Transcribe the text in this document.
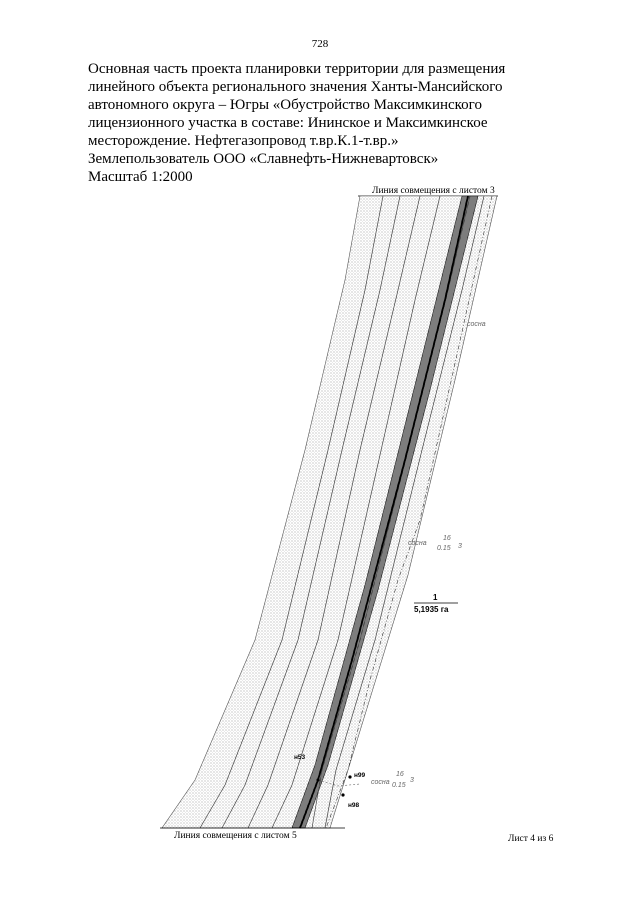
728
Основная часть проекта планировки территории для размещения линейного объекта регионального значения Ханты-Мансийского автономного округа – Югры «Обустройство Максимкинского лицензионного участка в составе: Ининское и Максимкинское месторождение. Нефтегазопровод т.вр.К.1-т.вр.»
Землепользователь ООО «Славнефть-Нижневартовск»
Масштаб 1:2000
Линия совмещения с листом 3
сосна
сосна
16
0.15 3
1
5,1935 га
н53
н99
н98
сосна
16
0.15
3
Линия совмещения с листом 5	Лист 4 из 6
